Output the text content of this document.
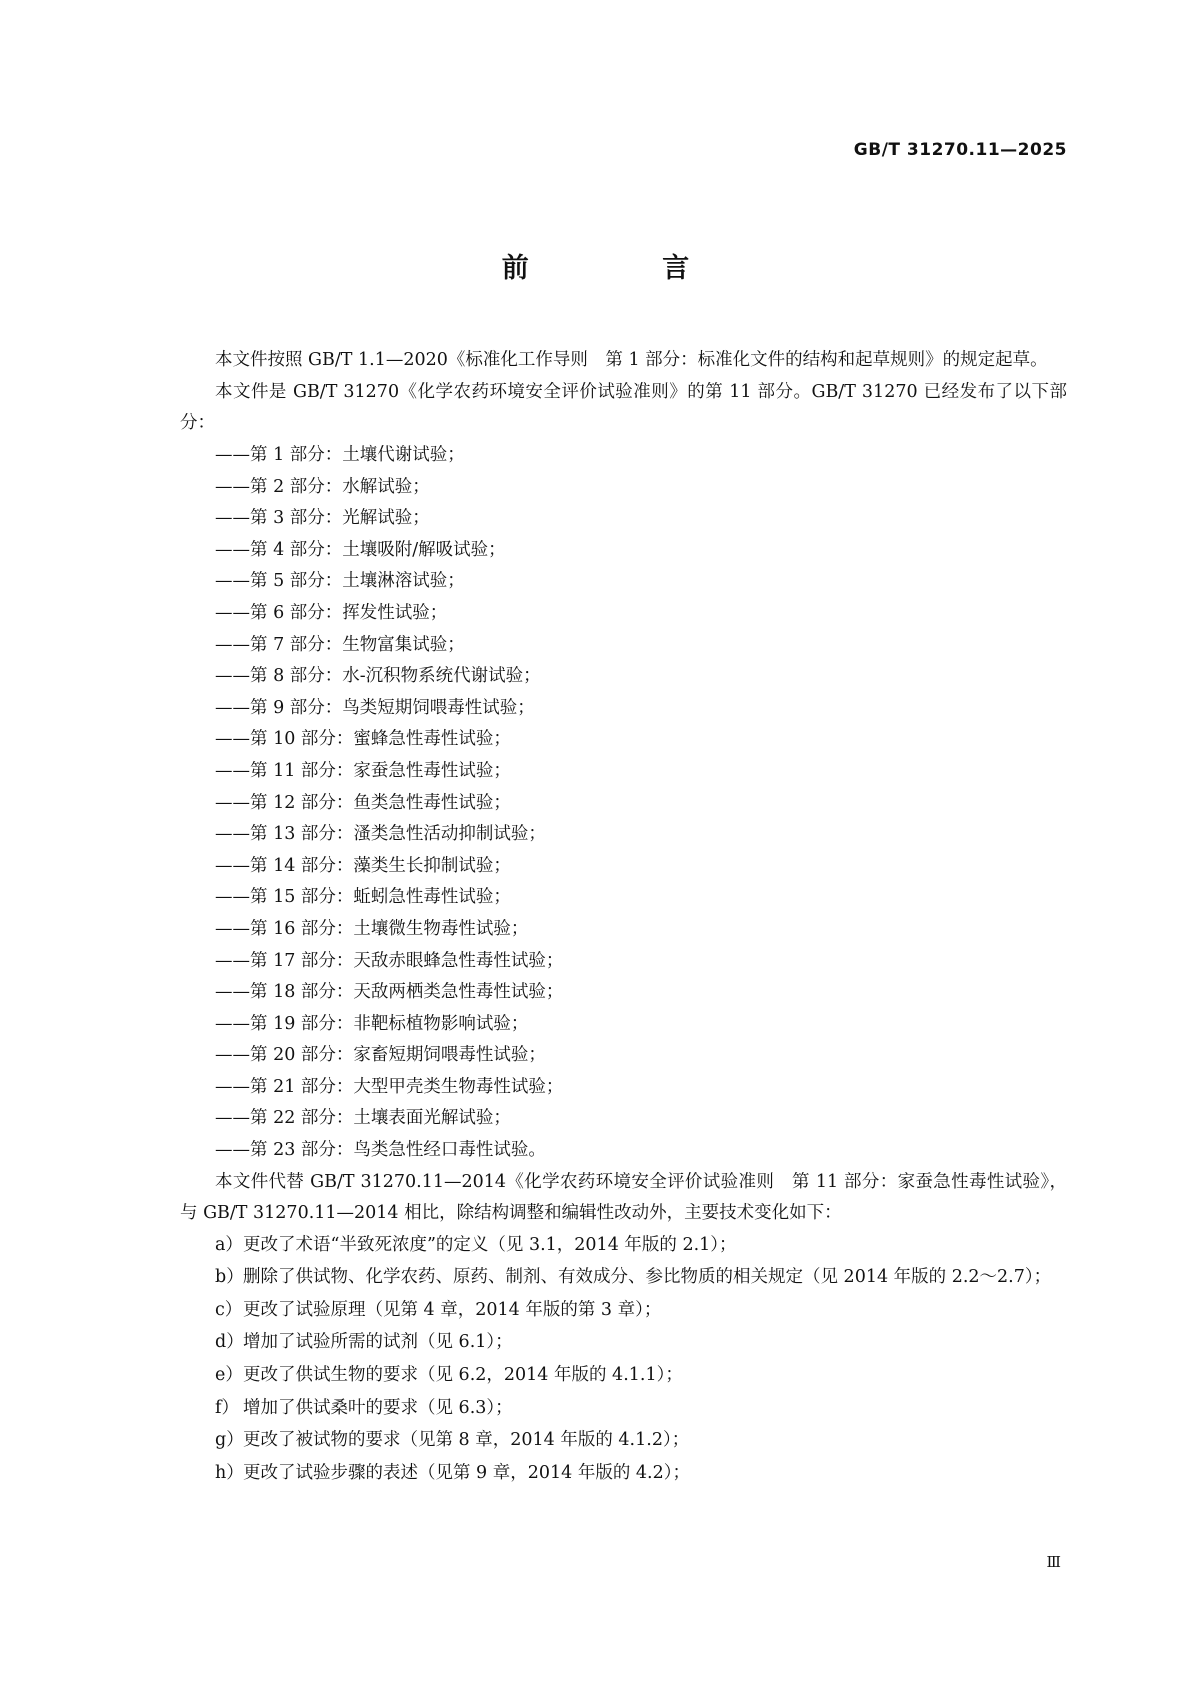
GB/T 31270.11—2025
前 言

本文件按照 GB/T 1.1—2020《标准化工作导则　第 1 部分：标准化文件的结构和起草规则》的规定起草。

本文件是 GB/T 31270《化学农药环境安全评价试验准则》的第 11 部分。GB/T 31270 已经发布了以下部分：

——第 1 部分：土壤代谢试验；

——第 2 部分：水解试验；

——第 3 部分：光解试验；

——第 4 部分：土壤吸附/解吸试验；

——第 5 部分：土壤淋溶试验；

——第 6 部分：挥发性试验；

——第 7 部分：生物富集试验；

——第 8 部分：水-沉积物系统代谢试验；

——第 9 部分：鸟类短期饲喂毒性试验；

——第 10 部分：蜜蜂急性毒性试验；

——第 11 部分：家蚕急性毒性试验；

——第 12 部分：鱼类急性毒性试验；

——第 13 部分：溞类急性活动抑制试验；

——第 14 部分：藻类生长抑制试验；

——第 15 部分：蚯蚓急性毒性试验；

——第 16 部分：土壤微生物毒性试验；

——第 17 部分：天敌赤眼蜂急性毒性试验；

——第 18 部分：天敌两栖类急性毒性试验；

——第 19 部分：非靶标植物影响试验；

——第 20 部分：家畜短期饲喂毒性试验；

——第 21 部分：大型甲壳类生物毒性试验；

——第 22 部分：土壤表面光解试验；

——第 23 部分：鸟类急性经口毒性试验。

本文件代替 GB/T 31270.11—2014《化学农药环境安全评价试验准则　第 11 部分：家蚕急性毒性试验》，与 GB/T 31270.11—2014 相比，除结构调整和编辑性改动外，主要技术变化如下：

a） 更改了术语“半致死浓度”的定义（见 3.1，2014 年版的 2.1）；
b） 删除了供试物、化学农药、原药、制剂、有效成分、参比物质的相关规定（见 2014 年版的 2.2～2.7）；
c） 更改了试验原理（见第 4 章，2014 年版的第 3 章）；
d） 增加了试验所需的试剂（见 6.1）；
e） 更改了供试生物的要求（见 6.2，2014 年版的 4.1.1）；
f） 增加了供试桑叶的要求（见 6.3）；
g） 更改了被试物的要求（见第 8 章，2014 年版的 4.1.2）；
h） 更改了试验步骤的表述（见第 9 章，2014 年版的 4.2）；
Ⅲ
